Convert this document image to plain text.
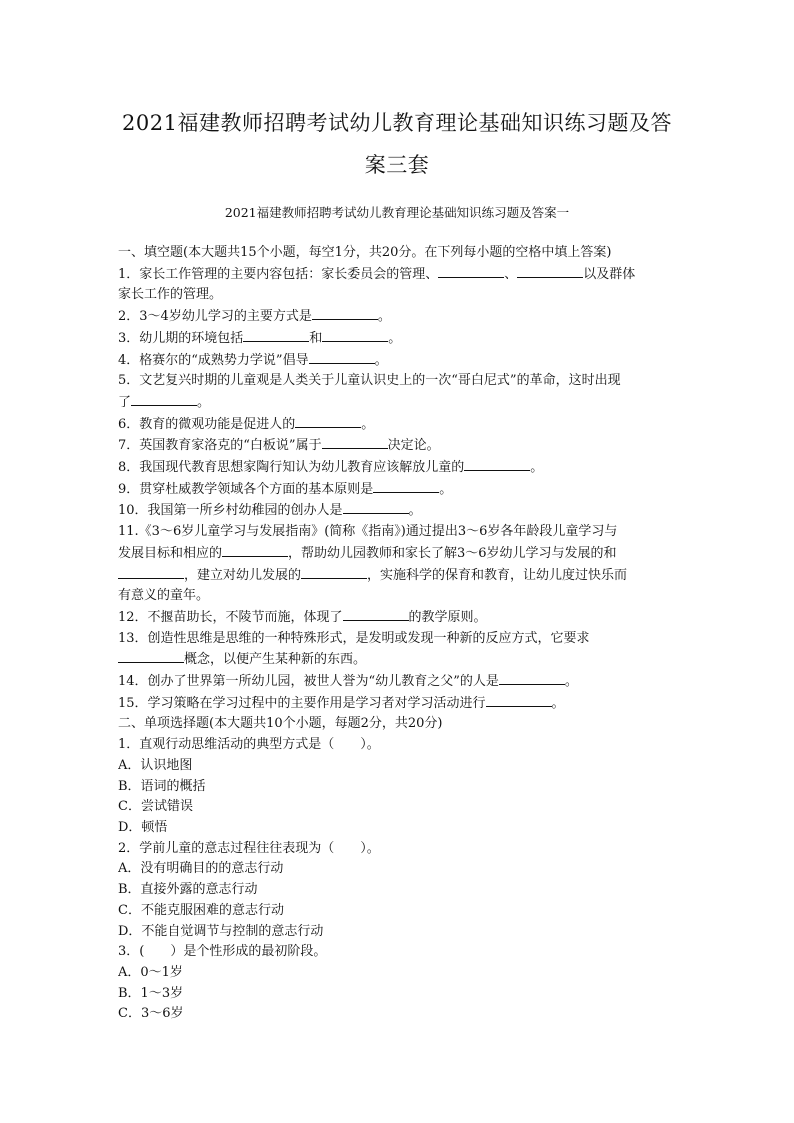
2021福建教师招聘考试幼儿教育理论基础知识练习题及答
案三套
2021福建教师招聘考试幼儿教育理论基础知识练习题及答案一
一、填空题(本大题共15个小题，每空1分，共20分。在下列每小题的空格中填上答案)
1．家长工作管理的主要内容包括：家长委员会的管理、	、	以及群体
家长工作的管理。
2．3～4岁幼儿学习的主要方式是	。
3．幼儿期的环境包括	和	。
4．格赛尔的“成熟势力学说”倡导	。
5．文艺复兴时期的儿童观是人类关于儿童认识史上的一次“哥白尼式”的革命，这时出现
了	。
6．教育的微观功能是促进人的	。
7．英国教育家洛克的“白板说”属于	决定论。
8．我国现代教育思想家陶行知认为幼儿教育应该解放儿童的	。
9．贯穿杜威教学领域各个方面的基本原则是	。
10．我国第一所乡村幼稚园的创办人是	。
11.《3～6岁儿童学习与发展指南》(简称《指南》)通过提出3～6岁各年龄段儿童学习与
发展目标和相应的	，帮助幼儿园教师和家长了解3～6岁幼儿学习与发展的和
，建立对幼儿发展的	，实施科学的保育和教育，让幼儿度过快乐而
有意义的童年。
12．不揠苗助长，不陵节而施，体现了	的教学原则。
13．创造性思维是思维的一种特殊形式，是发明或发现一种新的反应方式，它要求
概念，以便产生某种新的东西。
14．创办了世界第一所幼儿园，被世人誉为“幼儿教育之父”的人是	。
15．学习策略在学习过程中的主要作用是学习者对学习活动进行	。
二、单项选择题(本大题共10个小题，每题2分，共20分)
1．直观行动思维活动的典型方式是（　　）。
A．认识地图
B．语词的概括
C．尝试错误
D．顿悟
2．学前儿童的意志过程往往表现为（　　）。
A．没有明确目的的意志行动
B．直接外露的意志行动
C．不能克服困难的意志行动
D．不能自觉调节与控制的意志行动
3．(　　）是个性形成的最初阶段。
A．0～1岁
B．1～3岁
C．3～6岁
